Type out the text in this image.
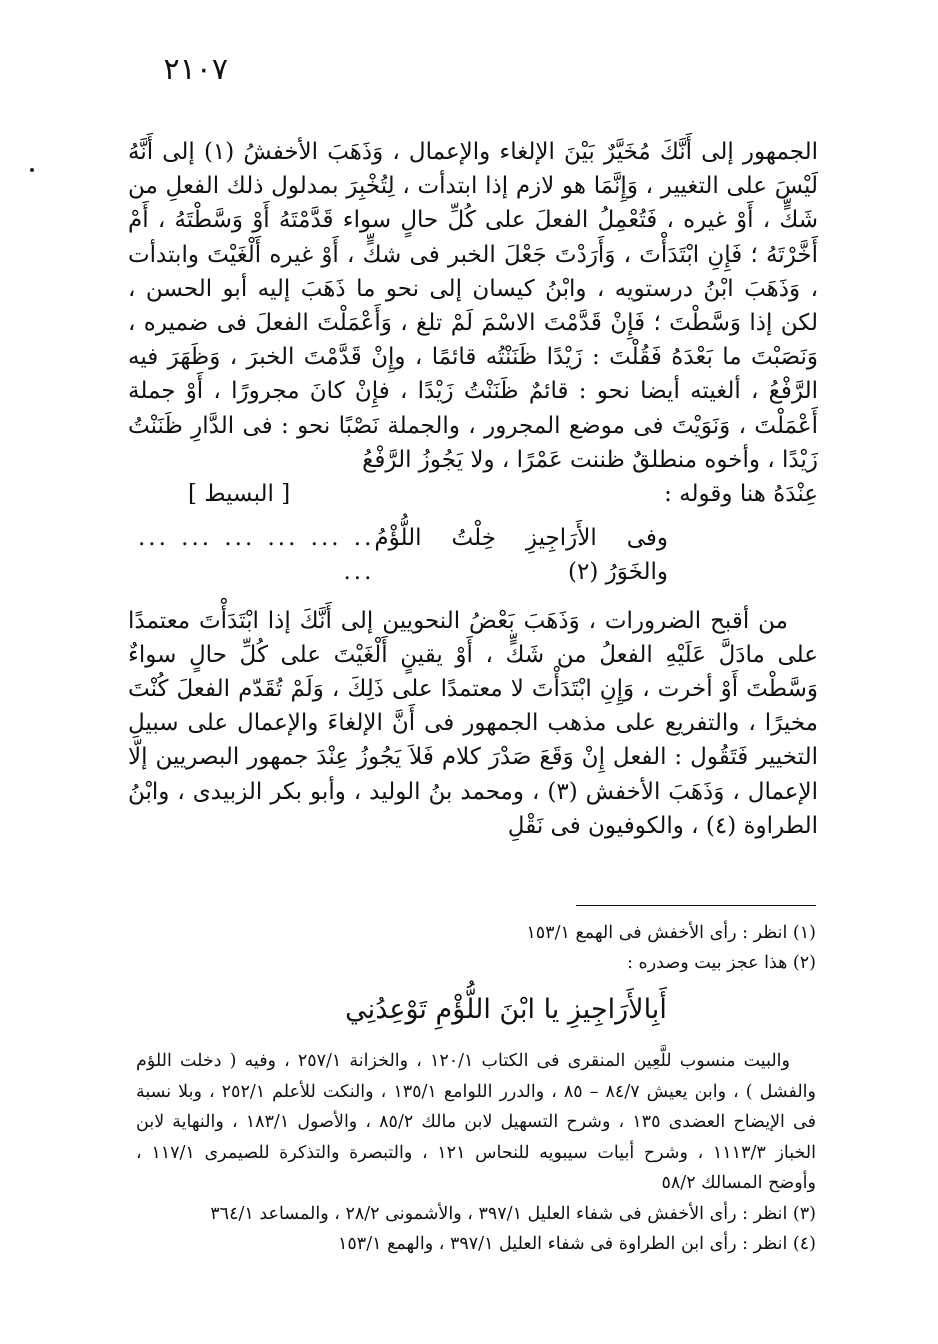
٢١٠٧

الجمهور إلى أَنَّكَ مُخَيَّرٌ بَيْنَ الإلغاء والإعمال ، وَذَهَبَ الأخفشُ (١) إلى أَنَّهُ لَيْسَ على التغيير ، وَإِنَّمَا هو لازم إذا ابتدأت ، لِتُخْبِرَ بمدلول ذلك الفعلِ من شَكٍّ ، أَوْ غيره ، فَتُعْمِلُ الفعلَ على كُلِّ حالٍ سواء قَدَّمْتَهُ أَوْ وَسَّطْتَهُ ، أَمْ أَخَّرْتَهُ ؛ فَإِنِ ابْتَدَأْتَ ، وَأَرَدْتَ جَعْلَ الخبر فى شكٍّ ، أَوْ غيره أَلْغَيْتَ وابتدأت ، وَذَهَبَ ابْنُ درستويه ، وابْنُ كيسان إلى نحو ما ذَهَبَ إليه أبو الحسن ، لكن إذا وَسَّطْتَ ؛ فَإِنْ قَدَّمْتَ الاسْمَ لَمْ تلغ ، وَأَعْمَلْتَ الفعلَ فى ضميره ، وَنَصَبْتَ ما بَعْدَهُ فَقُلْتَ : زَيْدًا ظَنَنْتُه قائمًا ، وإِنْ قَدَّمْتَ الخبرَ ، وَظَهَرَ فيه الرَّفْعُ ، ألغيته أيضا نحو : قائمٌ ظَنَنْتُ زَيْدًا ، فإِنْ كانَ مجرورًا ، أَوْ جملة أَعْمَلْتَ ، وَنَوَيْتَ فى موضع المجرور ، والجملة نَصْبًا نحو : فى الدَّارِ ظَنَنْتُ زَيْدًا ، وأخوه منطلقٌ ظننت عَمْرًا ، ولا يَجُوزُ الرَّفْعُ

عِنْدَهُ هنا وقوله :
[ البسيط ]
وفى الأَرَاجِيزِ خِلْتُ اللُّؤْمُ والخَوَرُ (٢)
.. ... ... ... ... ... ...

من أقبح الضرورات ، وَذَهَبَ بَعْضُ النحويين إلى أَنَّكَ إذا ابْتَدَأْتَ معتمدًا على مادَلَّ عَلَيْهِ الفعلُ من شَكٍّ ، أَوْ يقينٍ أَلْغَيْتَ على كُلِّ حالٍ سواءٌ وَسَّطْتَ أَوْ أخرت ، وَإِنِ ابْتَدَأْتَ لا معتمدًا على ذَلِكَ ، وَلَمْ تُقَدّم الفعلَ كُنْتَ مخيرًا ، والتفريع على مذهب الجمهور فى أَنَّ الإلغاءَ والإعمال على سبيلِ التخيير فَتَقُول : الفعل إِنْ وَقَعَ صَدْرَ كلام فَلاَ يَجُوزُ عِنْدَ جمهور البصريين إلّا الإعمال ، وَذَهَبَ الأخفش (٣) ، ومحمد بنُ الوليد ، وأبو بكر الزبيدى ، وابْنُ الطراوة (٤) ، والكوفيون فى نَقْلِ

(١) انظر : رأى الأخفش فى الهمع ١٥٣/١

(٢) هذا عجز بيت وصدره :

أَبِالأَرَاجِيزِ يا ابْنَ اللُّؤْمِ تَوْعِدُنِي

والبيت منسوب للَّعِين المنقرى فى الكتاب ١٢٠/١ ، والخزانة ٢٥٧/١ ، وفيه ( دخلت اللؤم والفشل ) ، وابن يعيش ٨٤/٧ – ٨٥ ، والدرر اللوامع ١٣٥/١ ، والنكت للأعلم ٢٥٢/١ ، وبلا نسبة فى الإيضاح العضدى ١٣٥ ، وشرح التسهيل لابن مالك ٨٥/٢ ، والأصول ١٨٣/١ ، والنهاية لابن الخباز ١١١٣/٣ ، وشرح أبيات سيبويه للنحاس ١٢١ ، والتبصرة والتذكرة للصيمرى ١١٧/١ ، وأوضح المسالك ٥٨/٢

(٣) انظر : رأى الأخفش فى شفاء العليل ٣٩٧/١ ، والأشمونى ٢٨/٢ ، والمساعد ٣٦٤/١

(٤) انظر : رأى ابن الطراوة فى شفاء العليل ٣٩٧/١ ، والهمع ١٥٣/١
